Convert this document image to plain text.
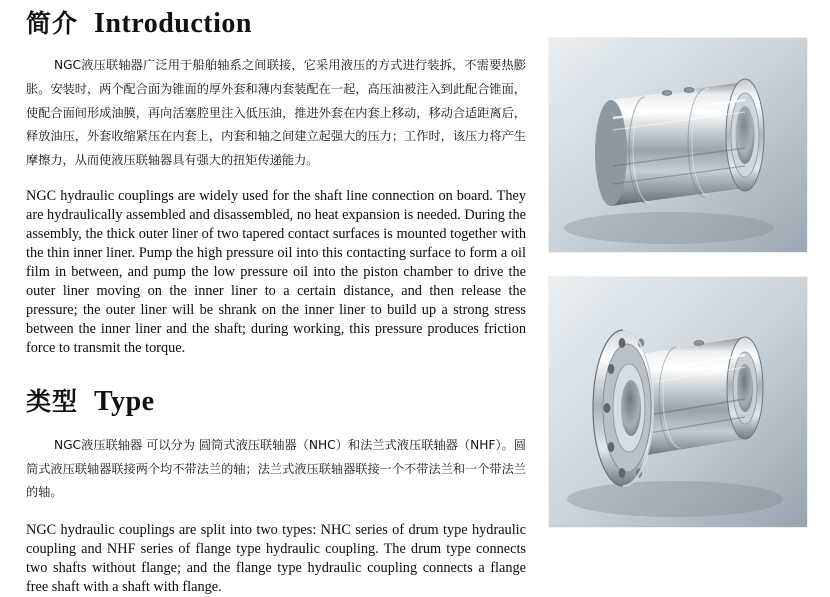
简介 Introduction

NGC液压联轴器广泛用于船舶轴系之间联接，它采用液压的方式进行装拆，不需要热膨胀。安装时，两个配合面为锥面的厚外套和薄内套装配在一起，高压油被注入到此配合锥面，使配合面间形成油膜，再向活塞腔里注入低压油，推进外套在内套上移动，移动合适距离后，释放油压，外套收缩紧压在内套上，内套和轴之间建立起强大的压力；工作时，该压力将产生摩擦力，从而使液压联轴器具有强大的扭矩传递能力。

NGC hydraulic couplings are widely used for the shaft line connection on board. They are hydraulically assembled and disassembled, no heat expansion is needed. During the assembly, the thick outer liner of two tapered contact surfaces is mounted together with the thin inner liner. Pump the high pressure oil into this contacting surface to form a oil film in between, and pump the low pressure oil into the piston chamber to drive the outer liner moving on the inner liner to a certain distance, and then release the pressure; the outer liner will be shrank on the inner liner to build up a strong stress between the inner liner and the shaft; during working, this pressure produces friction force to transmit the torque.

类型 Type

NGC液压联轴器 可以分为 圆筒式液压联轴器（NHC）和法兰式液压联轴器（NHF）。圆筒式液压联轴器联接两个均不带法兰的轴；法兰式液压联轴器联接一个不带法兰和一个带法兰的轴。

NGC hydraulic couplings are split into two types: NHC series of drum type hydraulic coupling and NHF series of flange type hydraulic coupling. The drum type connects two shafts without flange; and the flange type hydraulic coupling connects a flange free shaft with a shaft with flange.
